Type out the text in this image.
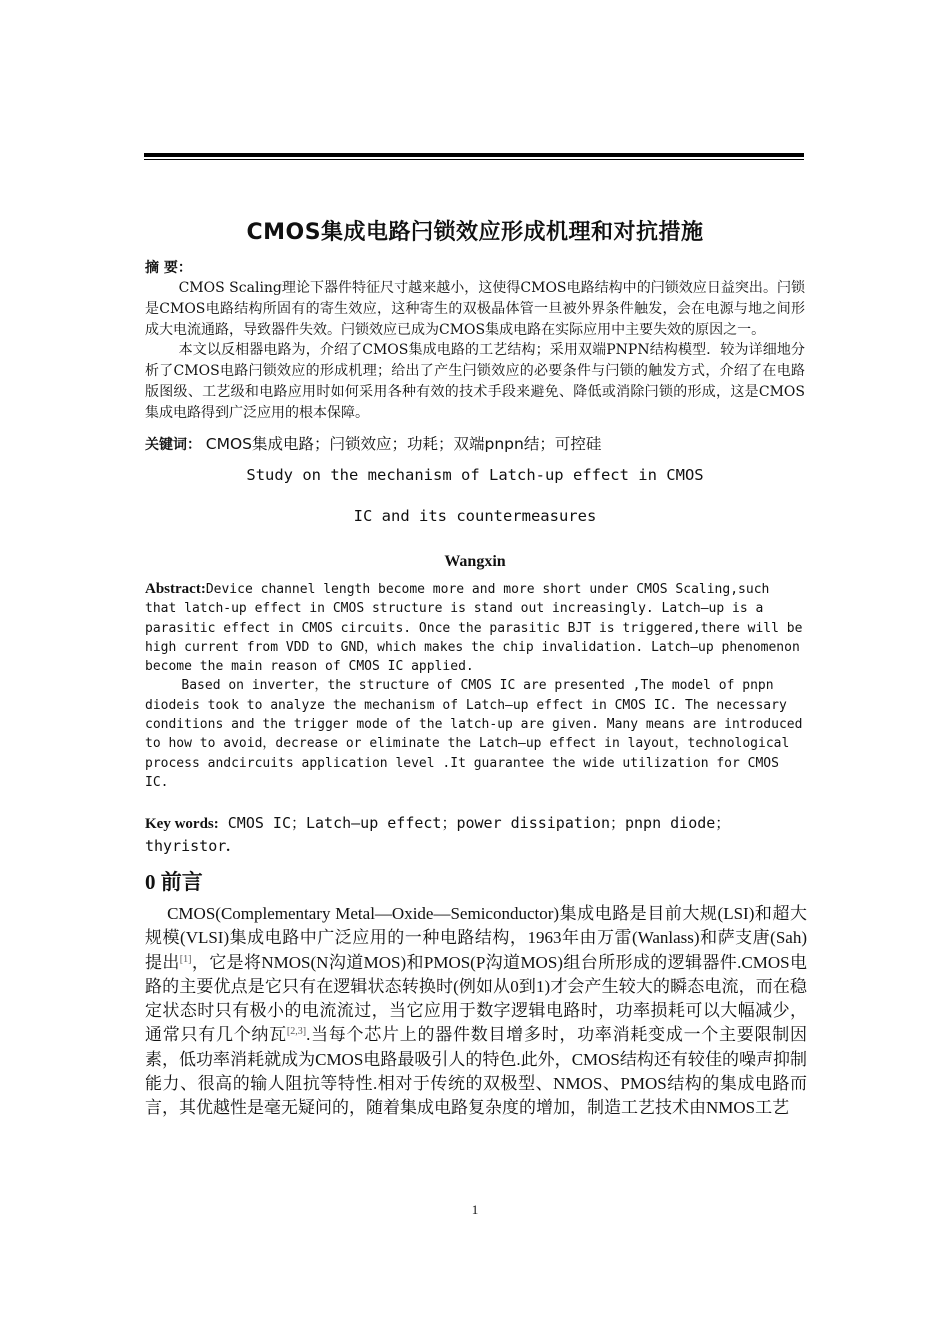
CMOS集成电路闩锁效应形成机理和对抗措施
摘 要：

CMOS Scaling理论下器件特征尺寸越来越小，这使得CMOS电路结构中的闩锁效应日益突出。闩锁是CMOS电路结构所固有的寄生效应，这种寄生的双极晶体管一旦被外界条件触发，会在电源与地之间形成大电流通路，导致器件失效。闩锁效应已成为CMOS集成电路在实际应用中主要失效的原因之一。

本文以反相器电路为，介绍了CMOS集成电路的工艺结构；采用双端PNPN结构模型．较为详细地分析了CMOS电路闩锁效应的形成机理；给出了产生闩锁效应的必要条件与闩锁的触发方式，介绍了在电路版图级、工艺级和电路应用时如何采用各种有效的技术手段来避免、降低或消除闩锁的形成，这是CMOS集成电路得到广泛应用的根本保障。

关键词： CMOS集成电路；闩锁效应；功耗；双端pnpn结；可控硅
Study on the mechanism of Latch-up effect in CMOS
IC and its countermeasures
Wangxin

Abstract:Device channel length become more and more short under CMOS Scaling,such that latch-up effect in CMOS structure is stand out increasingly. Latch—up is a parasitic effect in CMOS circuits. Once the parasitic BJT is triggered,there will be high current from VDD to GND，which makes the chip invalidation. Latch—up phenomenon become the main reason of CMOS IC applied.

Based on inverter，the structure of CMOS IC are presented ,The model of pnpn diodeis took to analyze the mechanism of Latch—up effect in CMOS IC. The necessary conditions and the trigger mode of the latch-up are given. Many means are introduced to how to avoid，decrease or eliminate the Latch—up effect in layout，technological process andcircuits application level .It guarantee the wide utilization for CMOS IC.

Key words: CMOS IC；Latch—up effect；power dissipation；pnpn diode；thyristor.
0 前言

CMOS(Complementary Metal—Oxide—Semiconductor)集成电路是目前大规(LSI)和超大规模(VLSI)集成电路中广泛应用的一种电路结构，1963年由万雷(Wanlass)和萨支唐(Sah)提出[1]，它是将NMOS(N沟道MOS)和PMOS(P沟道MOS)组台所形成的逻辑器件.CMOS电路的主要优点是它只有在逻辑状态转换时(例如从0到1)才会产生较大的瞬态电流，而在稳定状态时只有极小的电流流过，当它应用于数字逻辑电路时，功率损耗可以大幅减少，通常只有几个纳瓦[2,3].当每个芯片上的器件数目增多时，功率消耗变成一个主要限制因素，低功率消耗就成为CMOS电路最吸引人的特色.此外，CMOS结构还有较佳的噪声抑制能力、很高的输人阻抗等特性.相对于传统的双极型、NMOS、PMOS结构的集成电路而言，其优越性是毫无疑问的，随着集成电路复杂度的增加，制造工艺技术由NMOS工艺

1
